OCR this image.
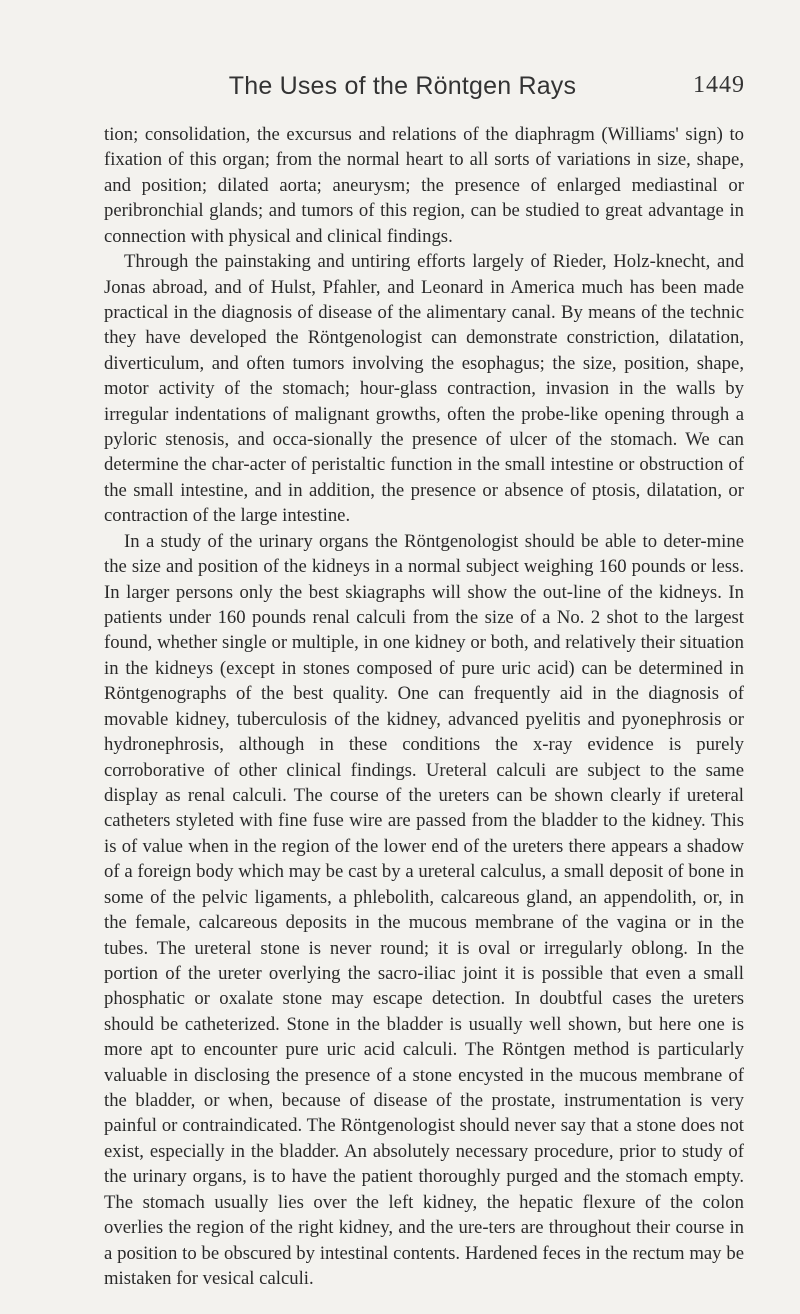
The Uses of the Röntgen Rays	1449

tion; consolidation, the excursus and relations of the diaphragm (Williams' sign) to fixation of this organ; from the normal heart to all sorts of variations in size, shape, and position; dilated aorta; aneurysm; the presence of enlarged mediastinal or peribronchial glands; and tumors of this region, can be studied to great advantage in connection with physical and clinical findings.

Through the painstaking and untiring efforts largely of Rieder, Holz-knecht, and Jonas abroad, and of Hulst, Pfahler, and Leonard in America much has been made practical in the diagnosis of disease of the alimentary canal. By means of the technic they have developed the Röntgenologist can demonstrate constriction, dilatation, diverticulum, and often tumors involving the esophagus; the size, position, shape, motor activity of the stomach; hour-glass contraction, invasion in the walls by irregular indentations of malignant growths, often the probe-like opening through a pyloric stenosis, and occa-sionally the presence of ulcer of the stomach. We can determine the char-acter of peristaltic function in the small intestine or obstruction of the small intestine, and in addition, the presence or absence of ptosis, dilatation, or contraction of the large intestine.

In a study of the urinary organs the Röntgenologist should be able to deter-mine the size and position of the kidneys in a normal subject weighing 160 pounds or less. In larger persons only the best skiagraphs will show the out-line of the kidneys. In patients under 160 pounds renal calculi from the size of a No. 2 shot to the largest found, whether single or multiple, in one kidney or both, and relatively their situation in the kidneys (except in stones composed of pure uric acid) can be determined in Röntgenographs of the best quality. One can frequently aid in the diagnosis of movable kidney, tuberculosis of the kidney, advanced pyelitis and pyonephrosis or hydronephrosis, although in these conditions the x-ray evidence is purely corroborative of other clinical findings. Ureteral calculi are subject to the same display as renal calculi. The course of the ureters can be shown clearly if ureteral catheters styleted with fine fuse wire are passed from the bladder to the kidney. This is of value when in the region of the lower end of the ureters there appears a shadow of a foreign body which may be cast by a ureteral calculus, a small deposit of bone in some of the pelvic ligaments, a phlebolith, calcareous gland, an appendolith, or, in the female, calcareous deposits in the mucous membrane of the vagina or in the tubes. The ureteral stone is never round; it is oval or irregularly oblong. In the portion of the ureter overlying the sacro-iliac joint it is possible that even a small phosphatic or oxalate stone may escape detection. In doubtful cases the ureters should be catheterized. Stone in the bladder is usually well shown, but here one is more apt to encounter pure uric acid calculi. The Röntgen method is particularly valuable in disclosing the presence of a stone encysted in the mucous membrane of the bladder, or when, because of disease of the prostate, instrumentation is very painful or contraindicated. The Röntgenologist should never say that a stone does not exist, especially in the bladder. An absolutely necessary procedure, prior to study of the urinary organs, is to have the patient thoroughly purged and the stomach empty. The stomach usually lies over the left kidney, the hepatic flexure of the colon overlies the region of the right kidney, and the ure-ters are throughout their course in a position to be obscured by intestinal contents. Hardened feces in the rectum may be mistaken for vesical calculi.
